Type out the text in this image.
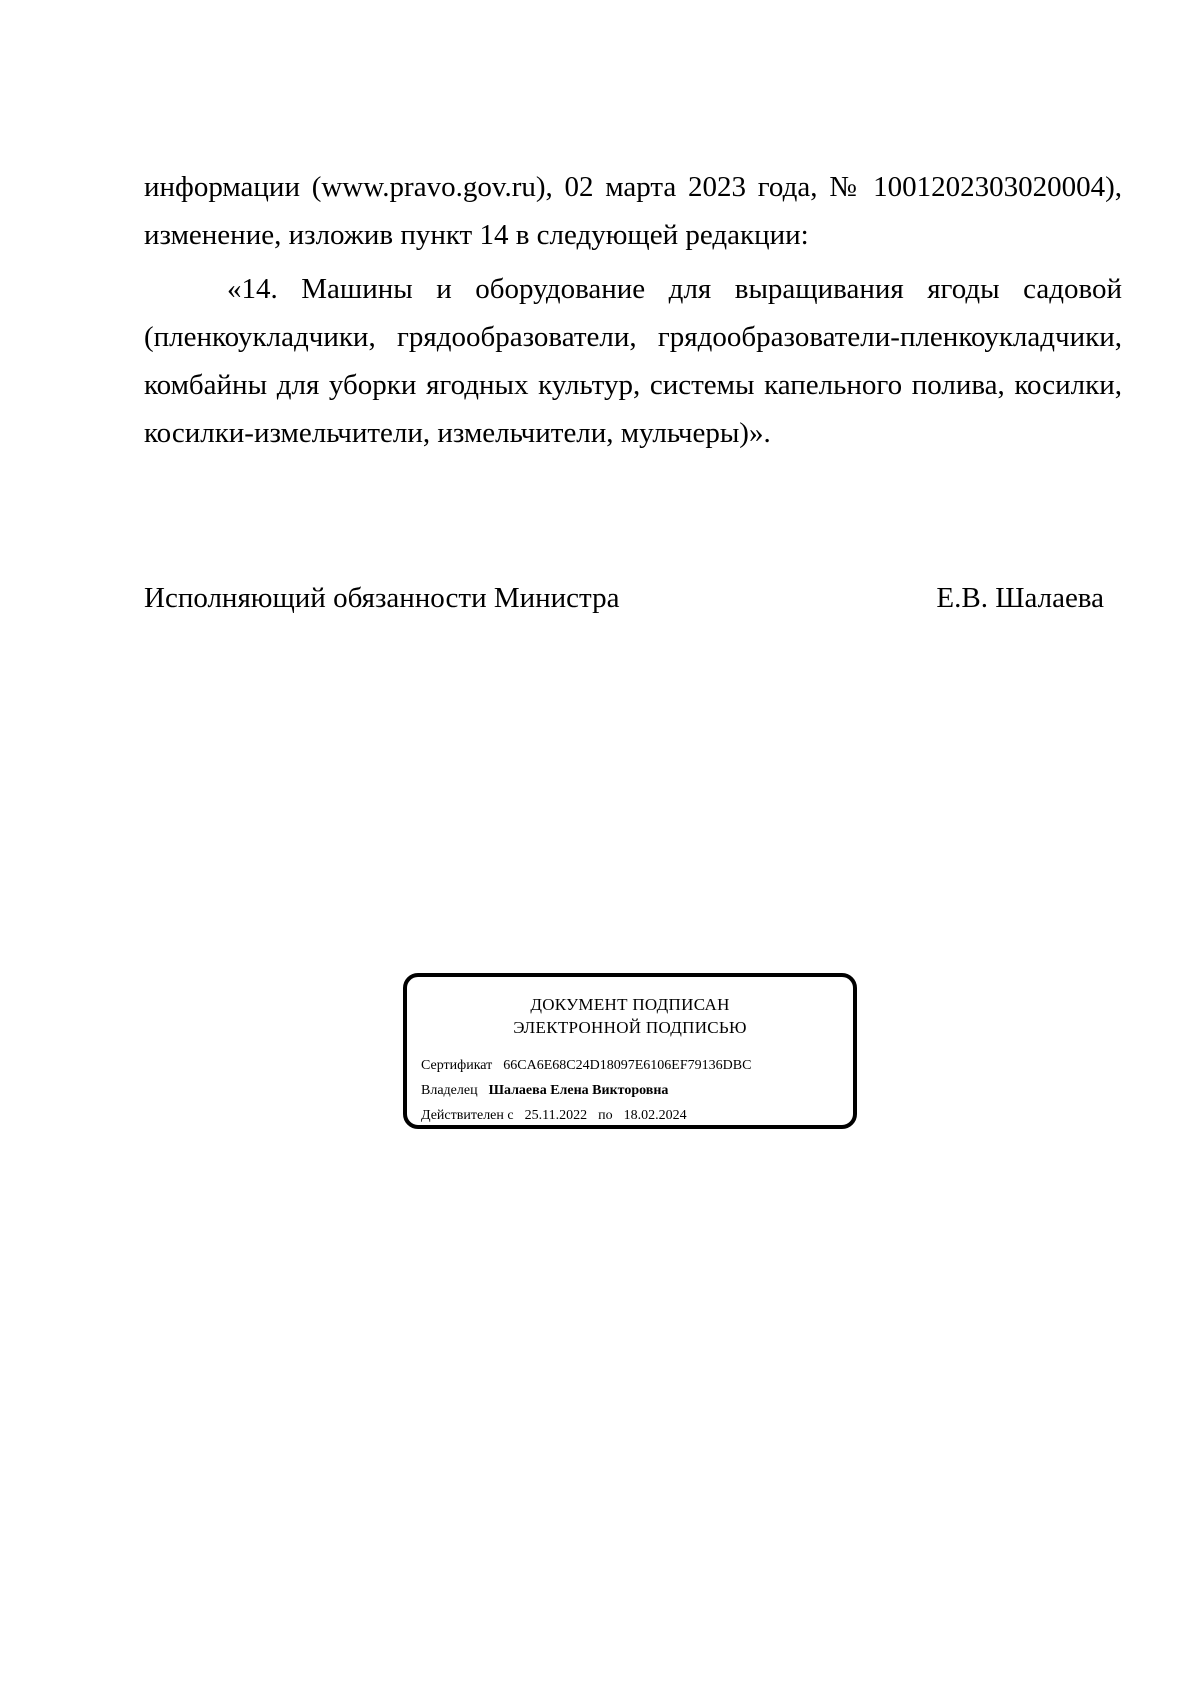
информации (www.pravo.gov.ru), 02 марта 2023 года, № 1001202303020004), изменение, изложив пункт 14 в следующей редакции:

«14. Машины и оборудование для выращивания ягоды садовой (пленкоукладчики, грядообразователи, грядообразователи-пленкоукладчики, комбайны для уборки ягодных культур, системы капельного полива, косилки, косилки-измельчители, измельчители, мульчеры)».

Исполняющий обязанности Министра	Е.В. Шалаева
ДОКУМЕНТ ПОДПИСАН
ЭЛЕКТРОННОЙ ПОДПИСЬЮ
Сертификат 66CA6E68C24D18097E6106EF79136DBC
Владелец Шалаева Елена Викторовна
Действителен с 25.11.2022 по 18.02.2024
